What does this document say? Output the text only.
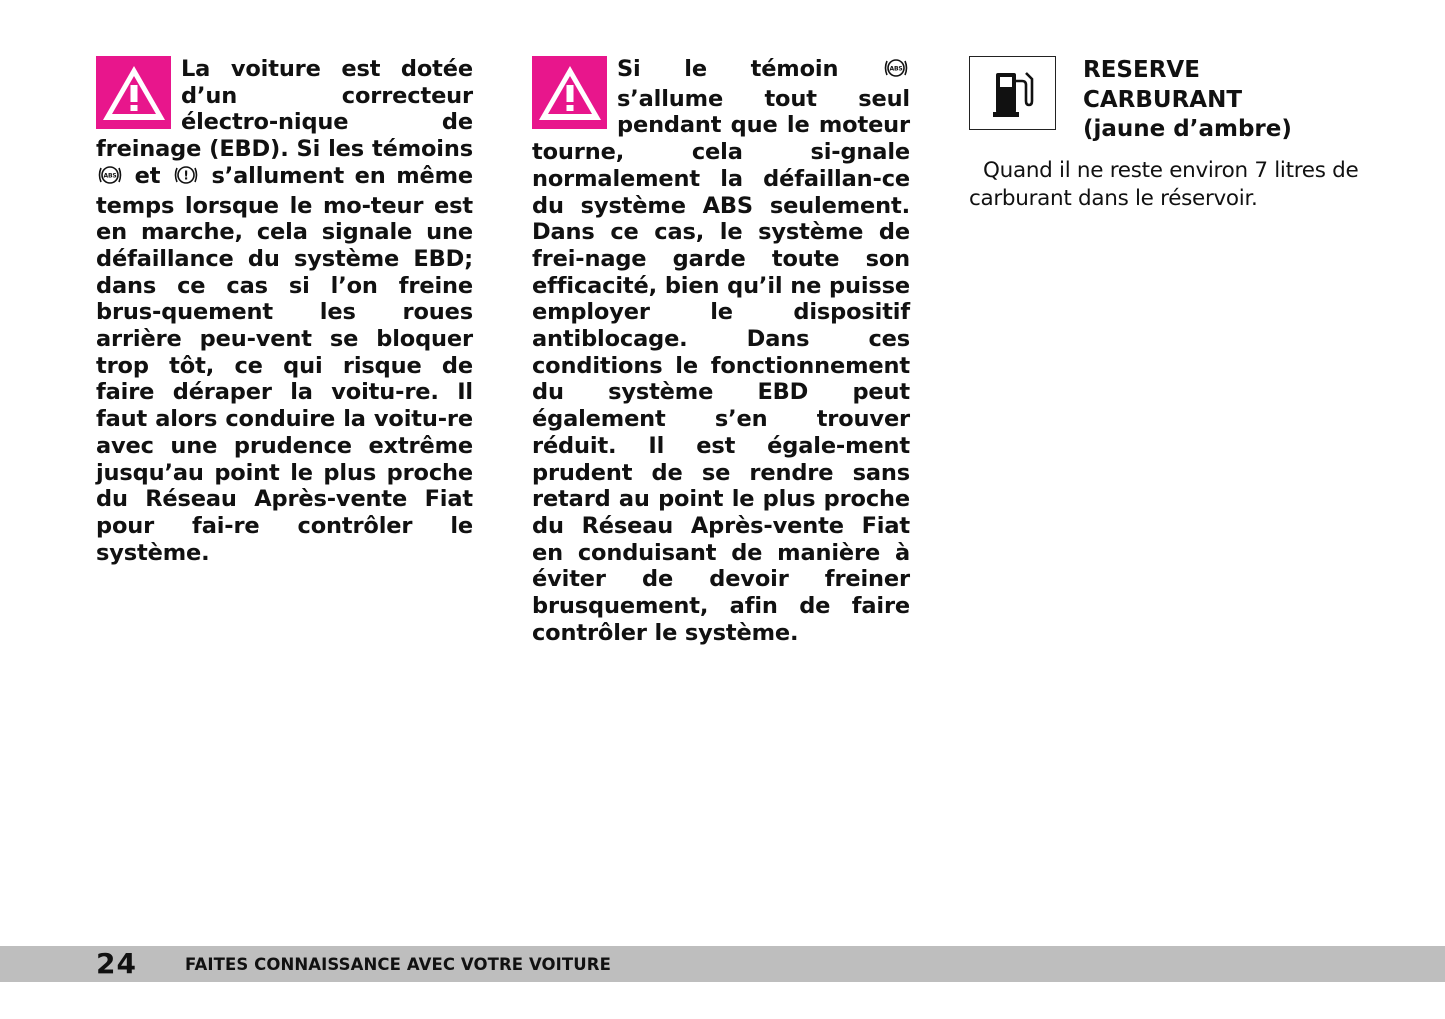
La voiture est dotée d’un correcteur électro-nique de freinage (EBD). Si les témoins
ABS et ! s’allument en même temps lorsque le mo-teur est en marche, cela signale une défaillance du système EBD; dans ce cas si l’on freine brus-quement les roues arrière peu-vent se bloquer trop tôt, ce qui risque de faire déraper la voitu-re. Il faut alors conduire la voitu-re avec une prudence extrême jusqu’au point le plus proche du Réseau Après-vente Fiat pour fai-re contrôler le système.
Si le témoin	ABS
s’allume tout seul pendant que le moteur tourne, cela si-gnale normalement la défaillan-ce du système ABS seulement. Dans ce cas, le système de frei-nage garde toute son efficacité, bien qu’il ne puisse employer le dispositif antiblocage. Dans ces conditions le fonctionnement du système EBD peut également s’en trouver réduit. Il est égale-ment prudent de se rendre sans retard au point le plus proche du Réseau Après-vente Fiat en conduisant de manière à éviter de devoir freiner brusquement, afin de faire contrôler le système.
RESERVE
CARBURANT
(jaune d’ambre)
Quand il ne reste environ 7 litres de carburant dans le réservoir.
24	FAITES CONNAISSANCE AVEC VOTRE VOITURE
